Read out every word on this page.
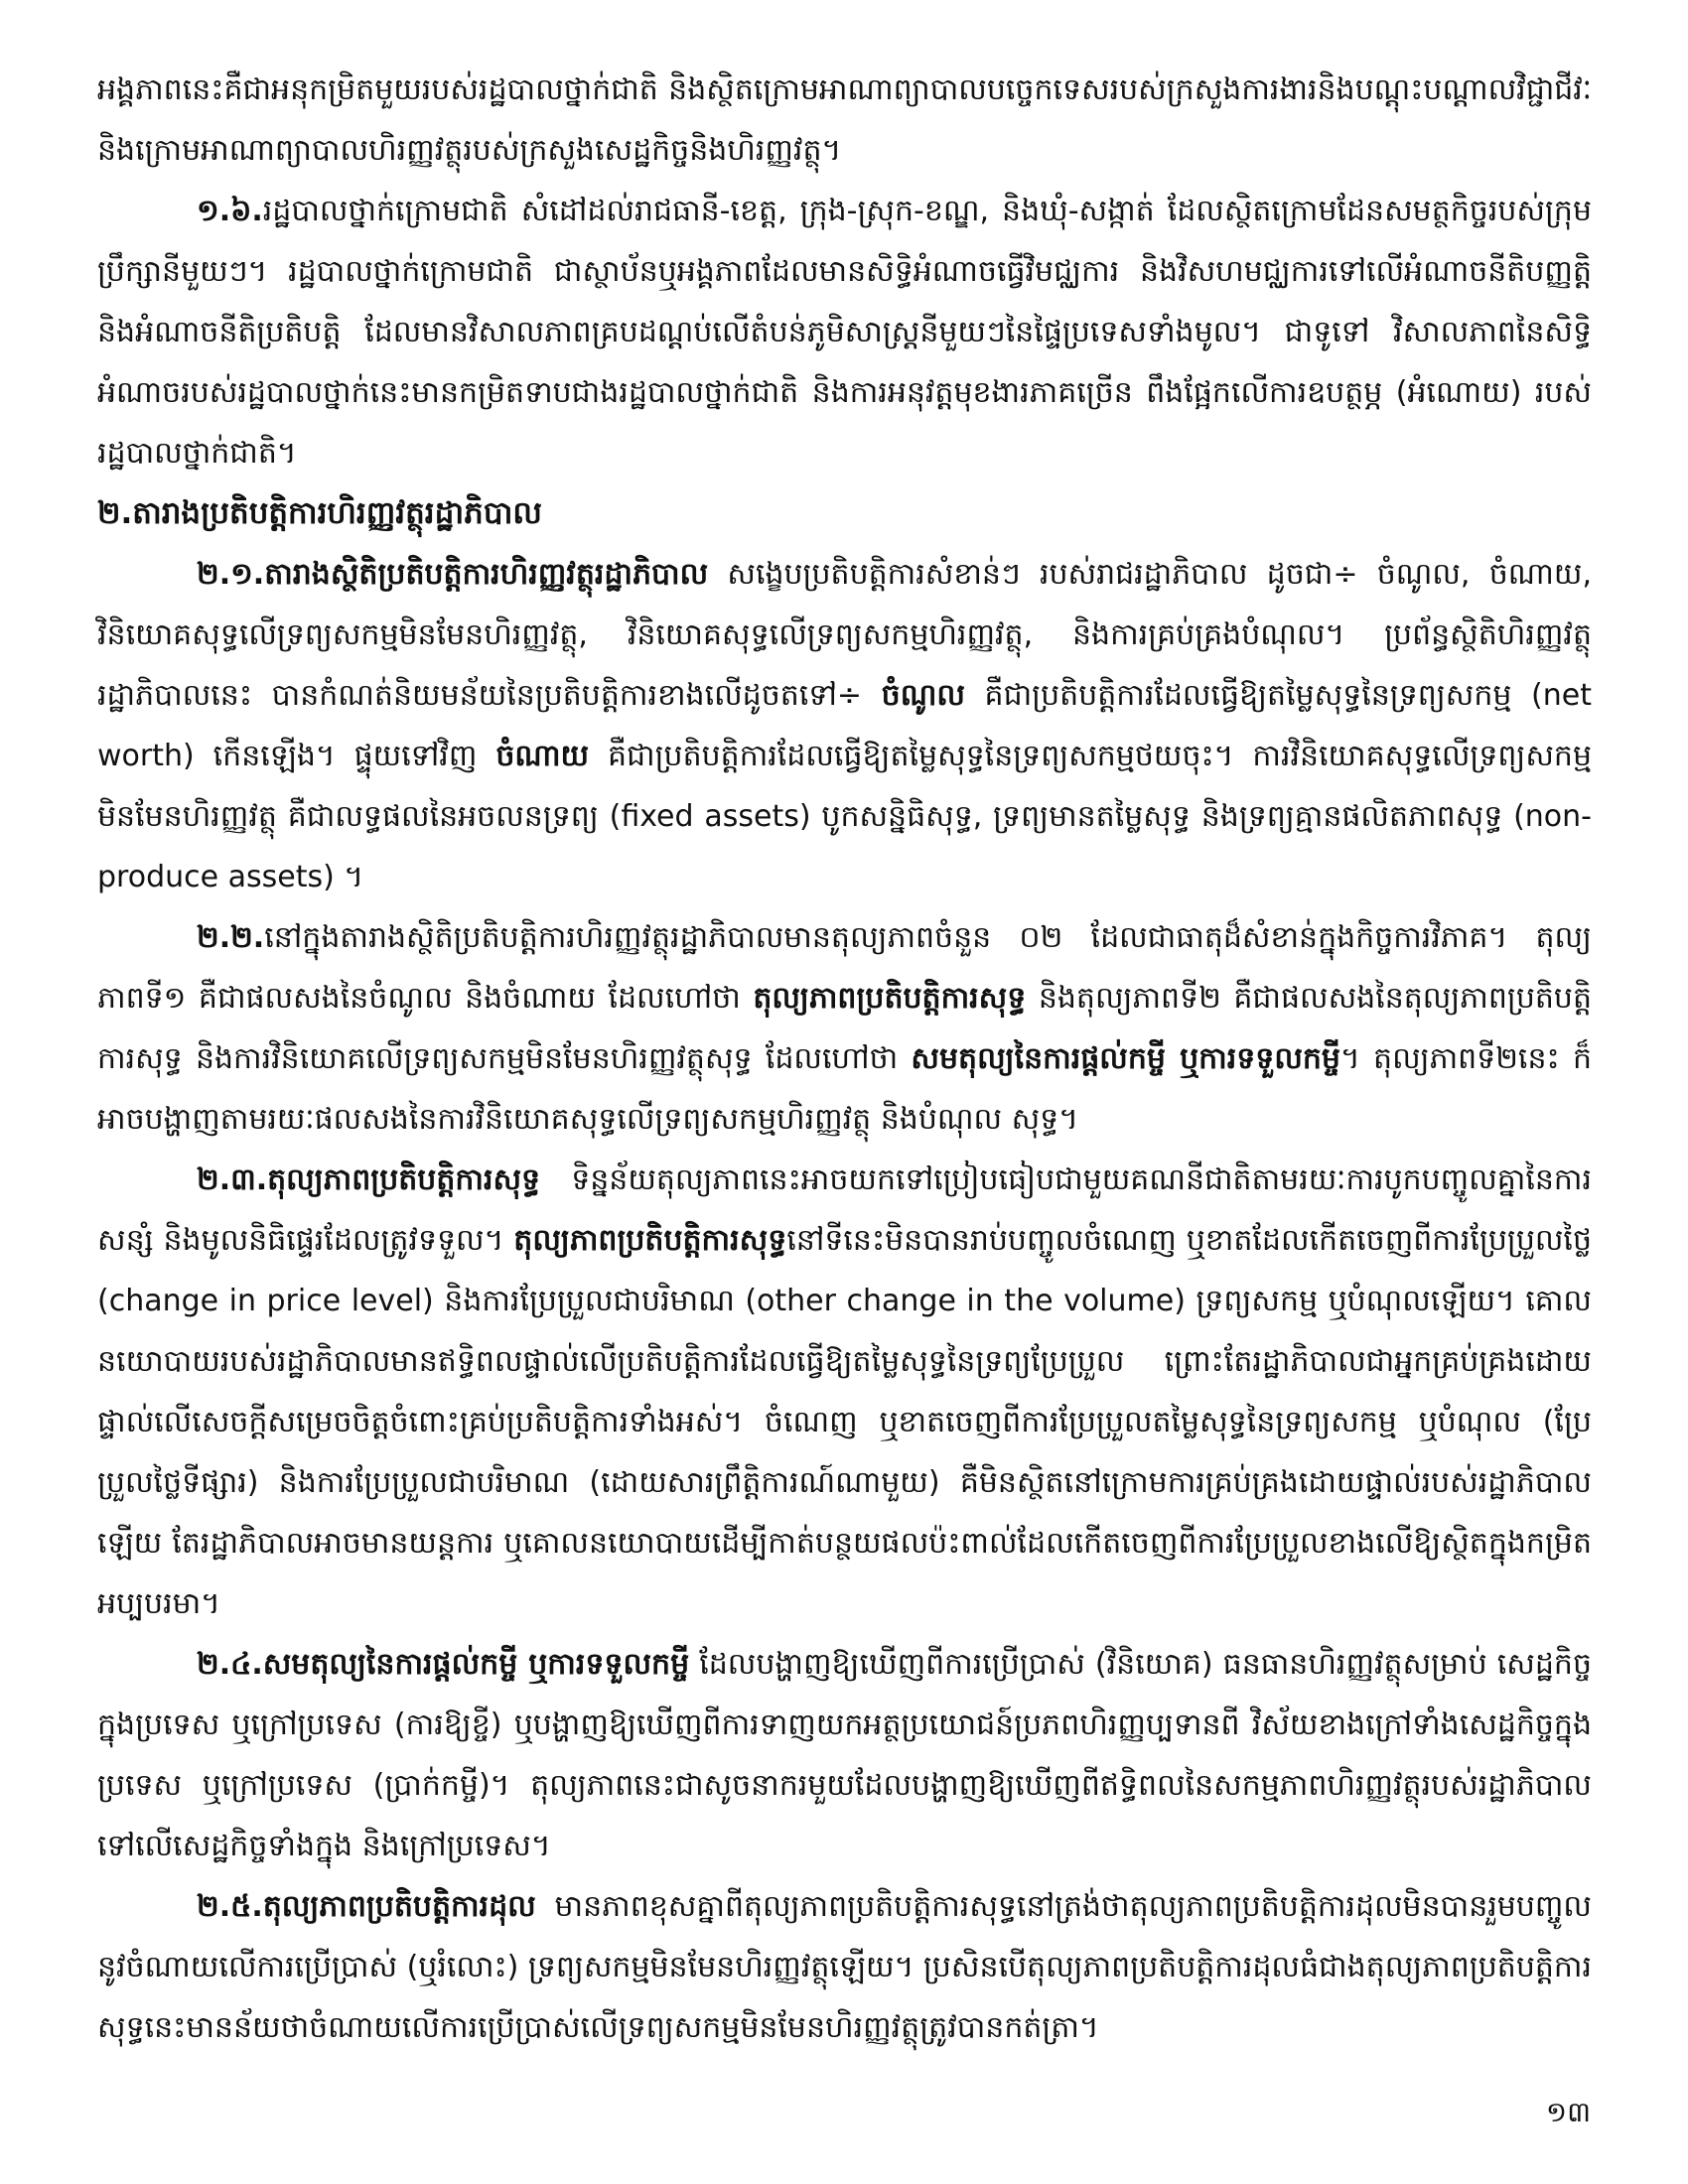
អង្គភាពនេះគឺជាអនុកម្រិតមួយរបស់រដ្ឋបាលថ្នាក់ជាតិ និងស្ថិតក្រោមអាណាព្យាបាលបច្ចេកទេសរបស់ក្រសួងការងារនិងបណ្តុះបណ្តាលវិជ្ជាជីវៈ និងក្រោមអាណាព្យាបាលហិរញ្ញវត្ថុរបស់ក្រសួងសេដ្ឋកិច្ចនិងហិរញ្ញវត្ថុ។

១.៦.រដ្ឋបាលថ្នាក់ក្រោមជាតិ សំដៅដល់រាជធានី-ខេត្ត, ក្រុង-ស្រុក-ខណ្ឌ, និងឃុំ-សង្កាត់ ដែលស្ថិតក្រោមដែនសមត្ថកិច្ចរបស់ក្រុមប្រឹក្សានីមួយៗ។ រដ្ឋបាលថ្នាក់ក្រោមជាតិ ជាស្ថាប័នឬអង្គភាពដែលមានសិទ្ធិអំណាចធ្វើវិមជ្ឈការ និងវិសហមជ្ឈការទៅលើអំណាចនីតិបញ្ញត្តិ និងអំណាចនីតិប្រតិបត្តិ ដែលមានវិសាលភាពគ្របដណ្តប់លើតំបន់ភូមិសាស្ត្រនីមួយៗនៃផ្ទៃប្រទេសទាំងមូល។ ជាទូទៅ វិសាលភាពនៃសិទ្ធិអំណាចរបស់រដ្ឋបាលថ្នាក់នេះមានកម្រិតទាបជាងរដ្ឋបាលថ្នាក់ជាតិ និងការអនុវត្តមុខងារភាគច្រើន ពឹងផ្អែកលើការឧបត្ថម្ភ (អំណោយ) របស់រដ្ឋបាលថ្នាក់ជាតិ។

២.តារាងប្រតិបត្តិការហិរញ្ញវត្ថុរដ្ឋាភិបាល

២.១.តារាងស្ថិតិប្រតិបត្តិការហិរញ្ញវត្ថុរដ្ឋាភិបាល សង្ខេបប្រតិបត្តិការសំខាន់ៗ របស់រាជរដ្ឋាភិបាល ដូចជា÷ ចំណូល, ចំណាយ, វិនិយោគសុទ្ធលើទ្រព្យសកម្មមិនមែនហិរញ្ញវត្ថុ, វិនិយោគសុទ្ធលើទ្រព្យសកម្មហិរញ្ញវត្ថុ, និងការគ្រប់គ្រងបំណុល។ ប្រព័ន្ធស្ថិតិហិរញ្ញវត្ថុរដ្ឋាភិបាលនេះ បានកំណត់និយមន័យនៃប្រតិបត្តិការខាងលើដូចតទៅ÷ ចំណូល គឺជាប្រតិបត្តិការដែលធ្វើឱ្យតម្លៃសុទ្ធនៃទ្រព្យសកម្ម (net worth) កើនឡើង។ ផ្ទុយទៅវិញ ចំណាយ គឺជាប្រតិបត្តិការដែលធ្វើឱ្យតម្លៃសុទ្ធនៃទ្រព្យសកម្មថយចុះ។ ការវិនិយោគសុទ្ធលើទ្រព្យសកម្មមិនមែនហិរញ្ញវត្ថុ គឺជាលទ្ធផលនៃអចលនទ្រព្យ (fixed assets) បូកសន្និធិសុទ្ធ, ទ្រព្យមានតម្លៃសុទ្ធ និងទ្រព្យគ្មានផលិតភាពសុទ្ធ (non-produce assets) ។

២.២.នៅក្នុងតារាងស្ថិតិប្រតិបត្តិការហិរញ្ញវត្ថុរដ្ឋាភិបាលមានតុល្យភាពចំនួន ០២ ដែលជាធាតុដ៏សំខាន់ក្នុងកិច្ចការវិភាគ។ តុល្យភាពទី១ គឺជាផលសងនៃចំណូល និងចំណាយ ដែលហៅថា តុល្យភាពប្រតិបត្តិការសុទ្ធ និងតុល្យភាពទី២ គឺជាផលសងនៃតុល្យភាពប្រតិបត្តិការសុទ្ធ និងការវិនិយោគលើទ្រព្យសកម្មមិនមែនហិរញ្ញវត្ថុសុទ្ធ ដែលហៅថា សមតុល្យនៃការផ្តល់កម្ចី ឬការទទួលកម្ចី។ តុល្យភាពទី២នេះ ក៏អាចបង្ហាញតាមរយៈផលសងនៃការវិនិយោគសុទ្ធលើទ្រព្យសកម្មហិរញ្ញវត្ថុ និងបំណុល សុទ្ធ។

២.៣.តុល្យភាពប្រតិបត្តិការសុទ្ធ ទិន្នន័យតុល្យភាពនេះអាចយកទៅប្រៀបធៀបជាមួយគណនីជាតិតាមរយៈការបូកបញ្ចូលគ្នានៃការសន្សំ និងមូលនិធិផ្ទេរដែលត្រូវទទួល។ តុល្យភាពប្រតិបត្តិការសុទ្ធនៅទីនេះមិនបានរាប់បញ្ចូលចំណេញ ឬខាតដែលកើតចេញពីការប្រែប្រួលថ្លៃ (change in price level) និងការប្រែប្រួលជាបរិមាណ (other change in the volume) ទ្រព្យសកម្ម ឬបំណុលឡើយ។ គោលនយោបាយរបស់រដ្ឋាភិបាលមានឥទ្ធិពលផ្ទាល់លើប្រតិបត្តិការដែលធ្វើឱ្យតម្លៃសុទ្ធនៃទ្រព្យប្រែប្រួល ព្រោះតែរដ្ឋាភិបាលជាអ្នកគ្រប់គ្រងដោយផ្ទាល់លើសេចក្តីសម្រេចចិត្តចំពោះគ្រប់ប្រតិបត្តិការទាំងអស់។ ចំណេញ ឬខាតចេញពីការប្រែប្រួលតម្លៃសុទ្ធនៃទ្រព្យសកម្ម ឬបំណុល (ប្រែប្រួលថ្លៃទីផ្សារ) និងការប្រែប្រួលជាបរិមាណ (ដោយសារព្រឹត្តិការណ៍ណាមួយ) គឺមិនស្ថិតនៅក្រោមការគ្រប់គ្រងដោយផ្ទាល់របស់រដ្ឋាភិបាលឡើយ តែរដ្ឋាភិបាលអាចមានយន្តការ ឬគោលនយោបាយដើម្បីកាត់បន្ថយផលប៉ះពាល់ដែលកើតចេញពីការប្រែប្រួលខាងលើឱ្យស្ថិតក្នុងកម្រិតអប្បបរមា។

២.៤.សមតុល្យនៃការផ្តល់កម្ចី ឬការទទួលកម្ចី ដែលបង្ហាញឱ្យឃើញពីការប្រើប្រាស់ (វិនិយោគ) ធនធានហិរញ្ញវត្ថុសម្រាប់ សេដ្ឋកិច្ចក្នុងប្រទេស ឬក្រៅប្រទេស (ការឱ្យខ្ចី) ឬបង្ហាញឱ្យឃើញពីការទាញយកអត្ថប្រយោជន៍ប្រភពហិរញ្ញប្បទានពី វិស័យខាងក្រៅទាំងសេដ្ឋកិច្ចក្នុងប្រទេស ឬក្រៅប្រទេស (ប្រាក់កម្ចី)។ តុល្យភាពនេះជាសូចនាករមួយដែលបង្ហាញឱ្យឃើញពីឥទ្ធិពលនៃសកម្មភាពហិរញ្ញវត្ថុរបស់រដ្ឋាភិបាលទៅលើសេដ្ឋកិច្ចទាំងក្នុង និងក្រៅប្រទេស។

២.៥.តុល្យភាពប្រតិបត្តិការដុល មានភាពខុសគ្នាពីតុល្យភាពប្រតិបត្តិការសុទ្ធនៅត្រង់ថាតុល្យភាពប្រតិបត្តិការដុលមិនបានរួមបញ្ចូលនូវចំណាយលើការប្រើប្រាស់ (ឬរំលោះ) ទ្រព្យសកម្មមិនមែនហិរញ្ញវត្ថុឡើយ។ ប្រសិនបើតុល្យភាពប្រតិបត្តិការដុលធំជាងតុល្យភាពប្រតិបត្តិការសុទ្ធនេះមានន័យថាចំណាយលើការប្រើប្រាស់លើទ្រព្យសកម្មមិនមែនហិរញ្ញវត្ថុត្រូវបានកត់ត្រា។

១៣
